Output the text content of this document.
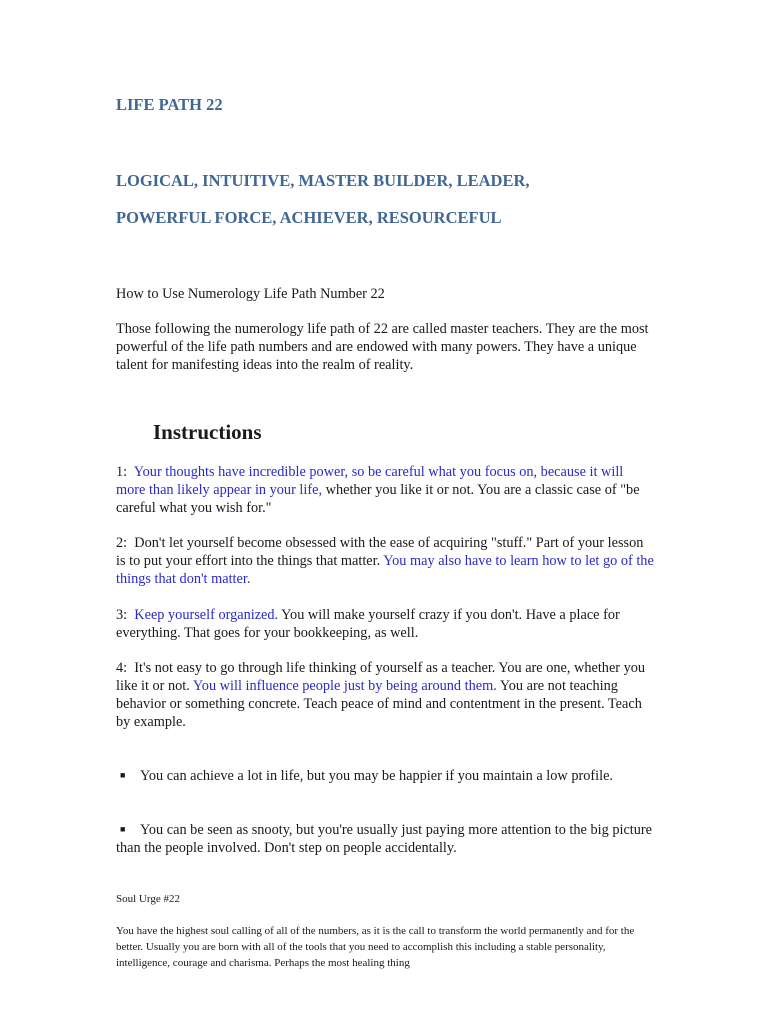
LIFE PATH 22
LOGICAL, INTUITIVE, MASTER BUILDER, LEADER,
POWERFUL FORCE, ACHIEVER, RESOURCEFUL

How to Use Numerology Life Path Number 22

Those following the numerology life path of 22 are called master teachers. They are the most powerful of the life path numbers and are endowed with many powers. They have a unique talent for manifesting ideas into the realm of reality.

Instructions

1: Your thoughts have incredible power, so be careful what you focus on, because it will more than likely appear in your life, whether you like it or not. You are a classic case of "be careful what you wish for."

2: Don't let yourself become obsessed with the ease of acquiring "stuff." Part of your lesson is to put your effort into the things that matter. You may also have to learn how to let go of the things that don't matter.

3: Keep yourself organized. You will make yourself crazy if you don't. Have a place for everything. That goes for your bookkeeping, as well.

4: It's not easy to go through life thinking of yourself as a teacher. You are one, whether you like it or not. You will influence people just by being around them. You are not teaching behavior or something concrete. Teach peace of mind and contentment in the present. Teach by example.

■ You can achieve a lot in life, but you may be happier if you maintain a low profile.

■ You can be seen as snooty, but you're usually just paying more attention to the big picture than the people involved. Don't step on people accidentally.

Soul Urge #22

You have the highest soul calling of all of the numbers, as it is the call to transform the world permanently and for the better. Usually you are born with all of the tools that you need to accomplish this including a stable personality, intelligence, courage and charisma. Perhaps the most healing thing
